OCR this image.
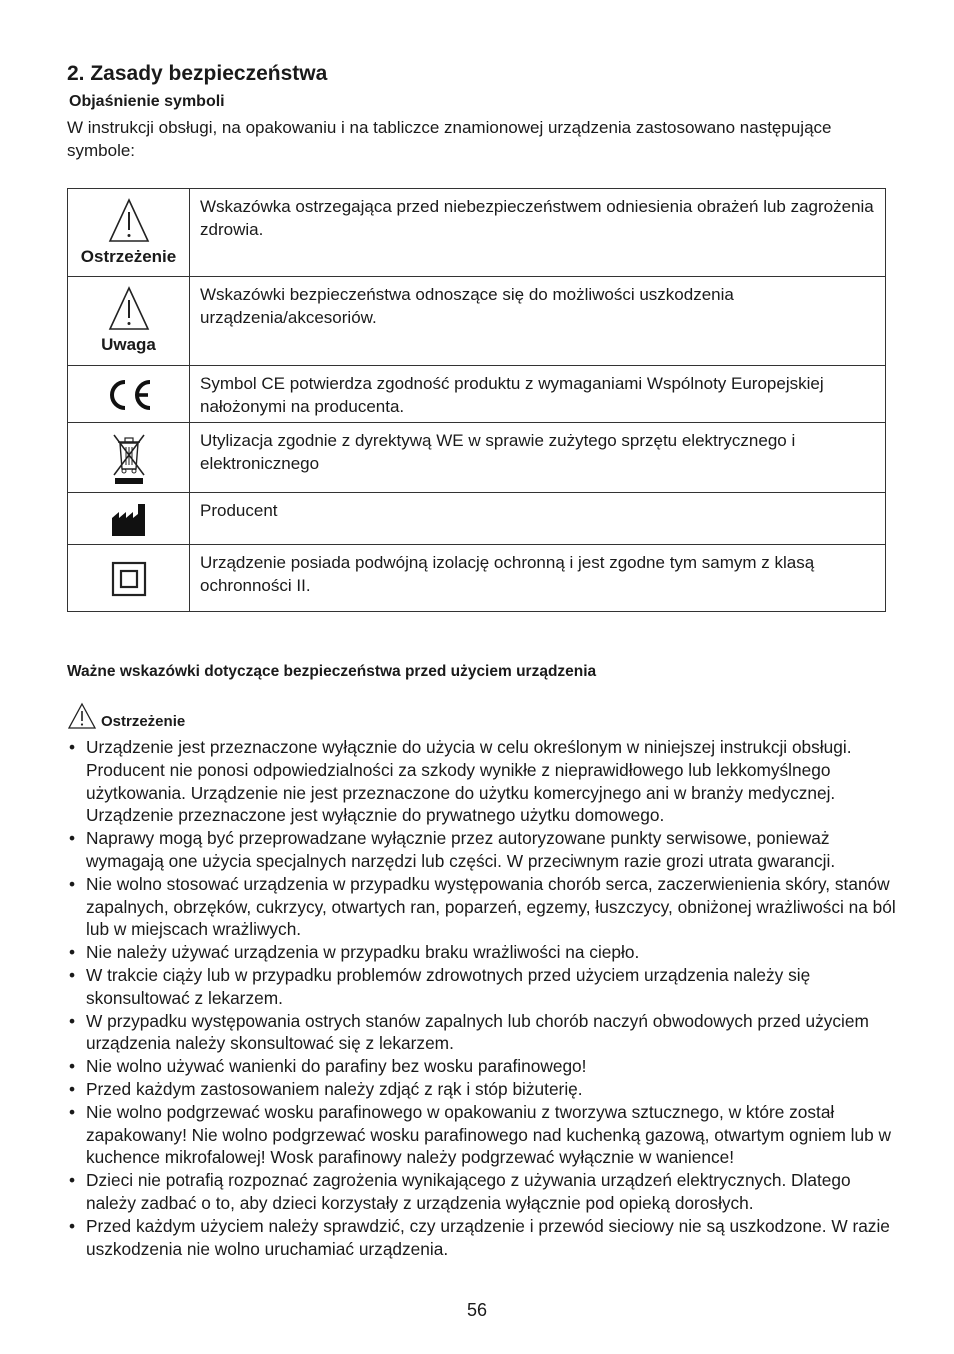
2. Zasady bezpieczeństwa
Objaśnienie symboli

W instrukcji obsługi, na opakowaniu i na tabliczce znamionowej urządzenia zastosowano następujące symbole:

Ostrzeżenie	Wskazówka ostrzegająca przed niebezpieczeństwem odniesienia obrażeń lub zagrożenia zdrowia.

Uwaga	Wskazówki bezpieczeństwa odnoszące się do możliwości uszkodzenia urządzenia/akcesoriów.

	Symbol CE potwierdza zgodność produktu z wymaganiami Wspólnoty Europejskiej nałożonymi na producenta.

	Utylizacja zgodnie z dyrektywą WE w sprawie zużytego sprzętu elektrycznego i elektronicznego

	Producent

	Urządzenie posiada podwójną izolację ochronną i jest zgodne tym samym z klasą ochronności II.
Ważne wskazówki dotyczące bezpieczeństwa przed użyciem urządzenia
Ostrzeżenie
• Urządzenie jest przeznaczone wyłącznie do użycia w celu określonym w niniejszej instrukcji obsługi. Producent nie ponosi odpowiedzialności za szkody wynikłe z nieprawidłowego lub lekkomyślnego użytkowania. Urządzenie nie jest przeznaczone do użytku komercyjnego ani w branży medycznej. Urządzenie przeznaczone jest wyłącznie do prywatnego użytku domowego.
• Naprawy mogą być przeprowadzane wyłącznie przez autoryzowane punkty serwisowe, ponieważ wymagają one użycia specjalnych narzędzi lub części. W przeciwnym razie grozi utrata gwarancji.
• Nie wolno stosować urządzenia w przypadku występowania chorób serca, zaczerwienienia skóry, stanów zapalnych, obrzęków, cukrzycy, otwartych ran, poparzeń, egzemy, łuszczycy, obniżonej wrażliwości na ból lub w miejscach wrażliwych.
• Nie należy używać urządzenia w przypadku braku wrażliwości na ciepło.
• W trakcie ciąży lub w przypadku problemów zdrowotnych przed użyciem urządzenia należy się skonsultować z lekarzem.
• W przypadku występowania ostrych stanów zapalnych lub chorób naczyń obwodowych przed użyciem urządzenia należy skonsultować się z lekarzem.
• Nie wolno używać wanienki do parafiny bez wosku parafinowego!
• Przed każdym zastosowaniem należy zdjąć z rąk i stóp biżuterię.
• Nie wolno podgrzewać wosku parafinowego w opakowaniu z tworzywa sztucznego, w które został zapakowany! Nie wolno podgrzewać wosku parafinowego nad kuchenką gazową, otwartym ogniem lub w kuchence mikrofalowej! Wosk parafinowy należy podgrzewać wyłącznie w wanience!
• Dzieci nie potrafią rozpoznać zagrożenia wynikającego z używania urządzeń elektrycznych. Dlatego należy zadbać o to, aby dzieci korzystały z urządzenia wyłącznie pod opieką dorosłych.
• Przed każdym użyciem należy sprawdzić, czy urządzenie i przewód sieciowy nie są uszkodzone. W razie uszkodzenia nie wolno uruchamiać urządzenia.
56
